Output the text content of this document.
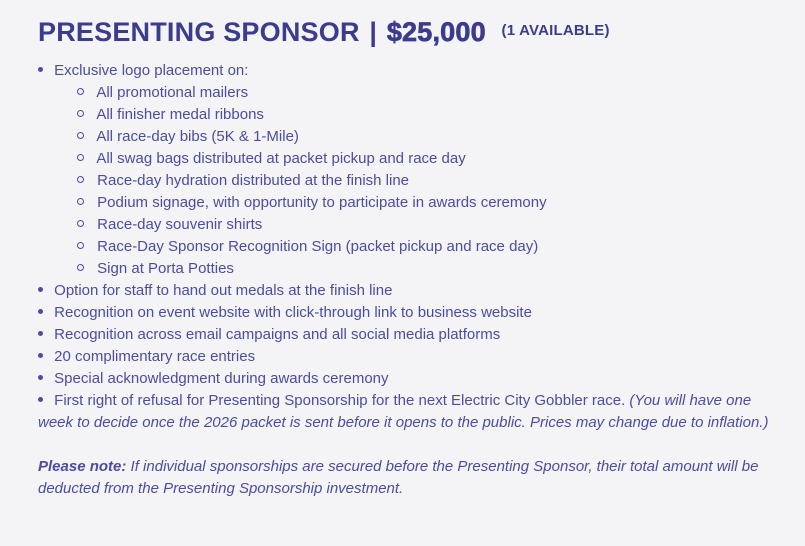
PRESENTING SPONSOR | $25,000 $^{(1 AVAILABLE)}$

Exclusive logo placement on:

All promotional mailers

All finisher medal ribbons

All race-day bibs (5K & 1-Mile)

All swag bags distributed at packet pickup and race day

Race-day hydration distributed at the finish line

Podium signage, with opportunity to participate in awards ceremony

Race-day souvenir shirts

Race-Day Sponsor Recognition Sign (packet pickup and race day)

Sign at Porta Potties

Option for staff to hand out medals at the finish line

Recognition on event website with click-through link to business website

Recognition across email campaigns and all social media platforms

20 complimentary race entries

Special acknowledgment during awards ceremony

First right of refusal for Presenting Sponsorship for the next Electric City Gobbler race. (You will have one week to decide once the 2026 packet is sent before it opens to the public. Prices may change due to inflation.)

Please note: If individual sponsorships are secured before the Presenting Sponsor, their total amount will be deducted from the Presenting Sponsorship investment.
